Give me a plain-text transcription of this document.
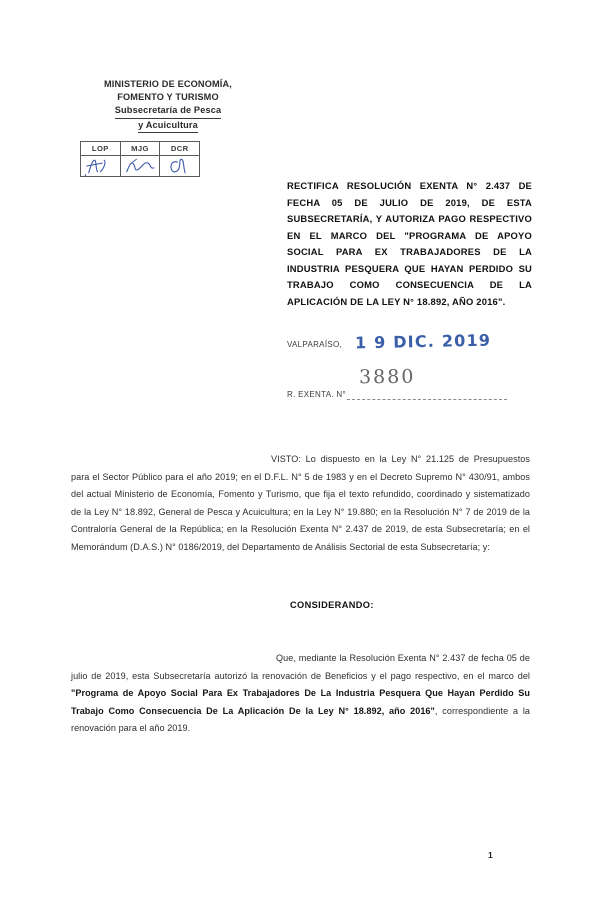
MINISTERIO DE ECONOMÍA,
FOMENTO Y TURISMO
Subsecretaría de Pesca
y Acuicultura
LOP	MJG	DCR

RECTIFICA RESOLUCIÓN EXENTA N° 2.437 DE
FECHA 05 DE JULIO DE 2019, DE ESTA
SUBSECRETARÍA, Y AUTORIZA PAGO RESPECTIVO
EN EL MARCO DEL "PROGRAMA DE APOYO
SOCIAL PARA EX TRABAJADORES DE LA
INDUSTRIA PESQUERA QUE HAYAN PERDIDO SU
TRABAJO COMO CONSECUENCIA DE LA
APLICACIÓN DE LA LEY N° 18.892, AÑO 2016".
VALPARAÍSO, 1 9 DIC. 2019
3880
R. EXENTA. N°
VISTO: Lo dispuesto en la Ley N° 21.125 de Presupuestos para el Sector Público para el año 2019; en el D.F.L. N° 5 de 1983 y en el Decreto Supremo N° 430/91, ambos del actual Ministerio de Economía, Fomento y Turismo, que fija el texto refundido, coordinado y sistematizado de la Ley N° 18.892, General de Pesca y Acuicultura; en la Ley N° 19.880; en la Resolución N° 7 de 2019 de la Contraloría General de la República; en la Resolución Exenta N° 2.437 de 2019, de esta Subsecretaría; en el Memorándum (D.A.S.) N° 0186/2019, del Departamento de Análisis Sectorial de esta Subsecretaría; y:
CONSIDERANDO:
Que, mediante la Resolución Exenta N° 2.437 de fecha 05 de julio de 2019, esta Subsecretaría autorizó la renovación de Beneficios y el pago respectivo, en el marco del "Programa de Apoyo Social Para Ex Trabajadores De La Industria Pesquera Que Hayan Perdido Su Trabajo Como Consecuencia De La Aplicación De la Ley N° 18.892, año 2016", correspondiente a la renovación para el año 2019.
1
